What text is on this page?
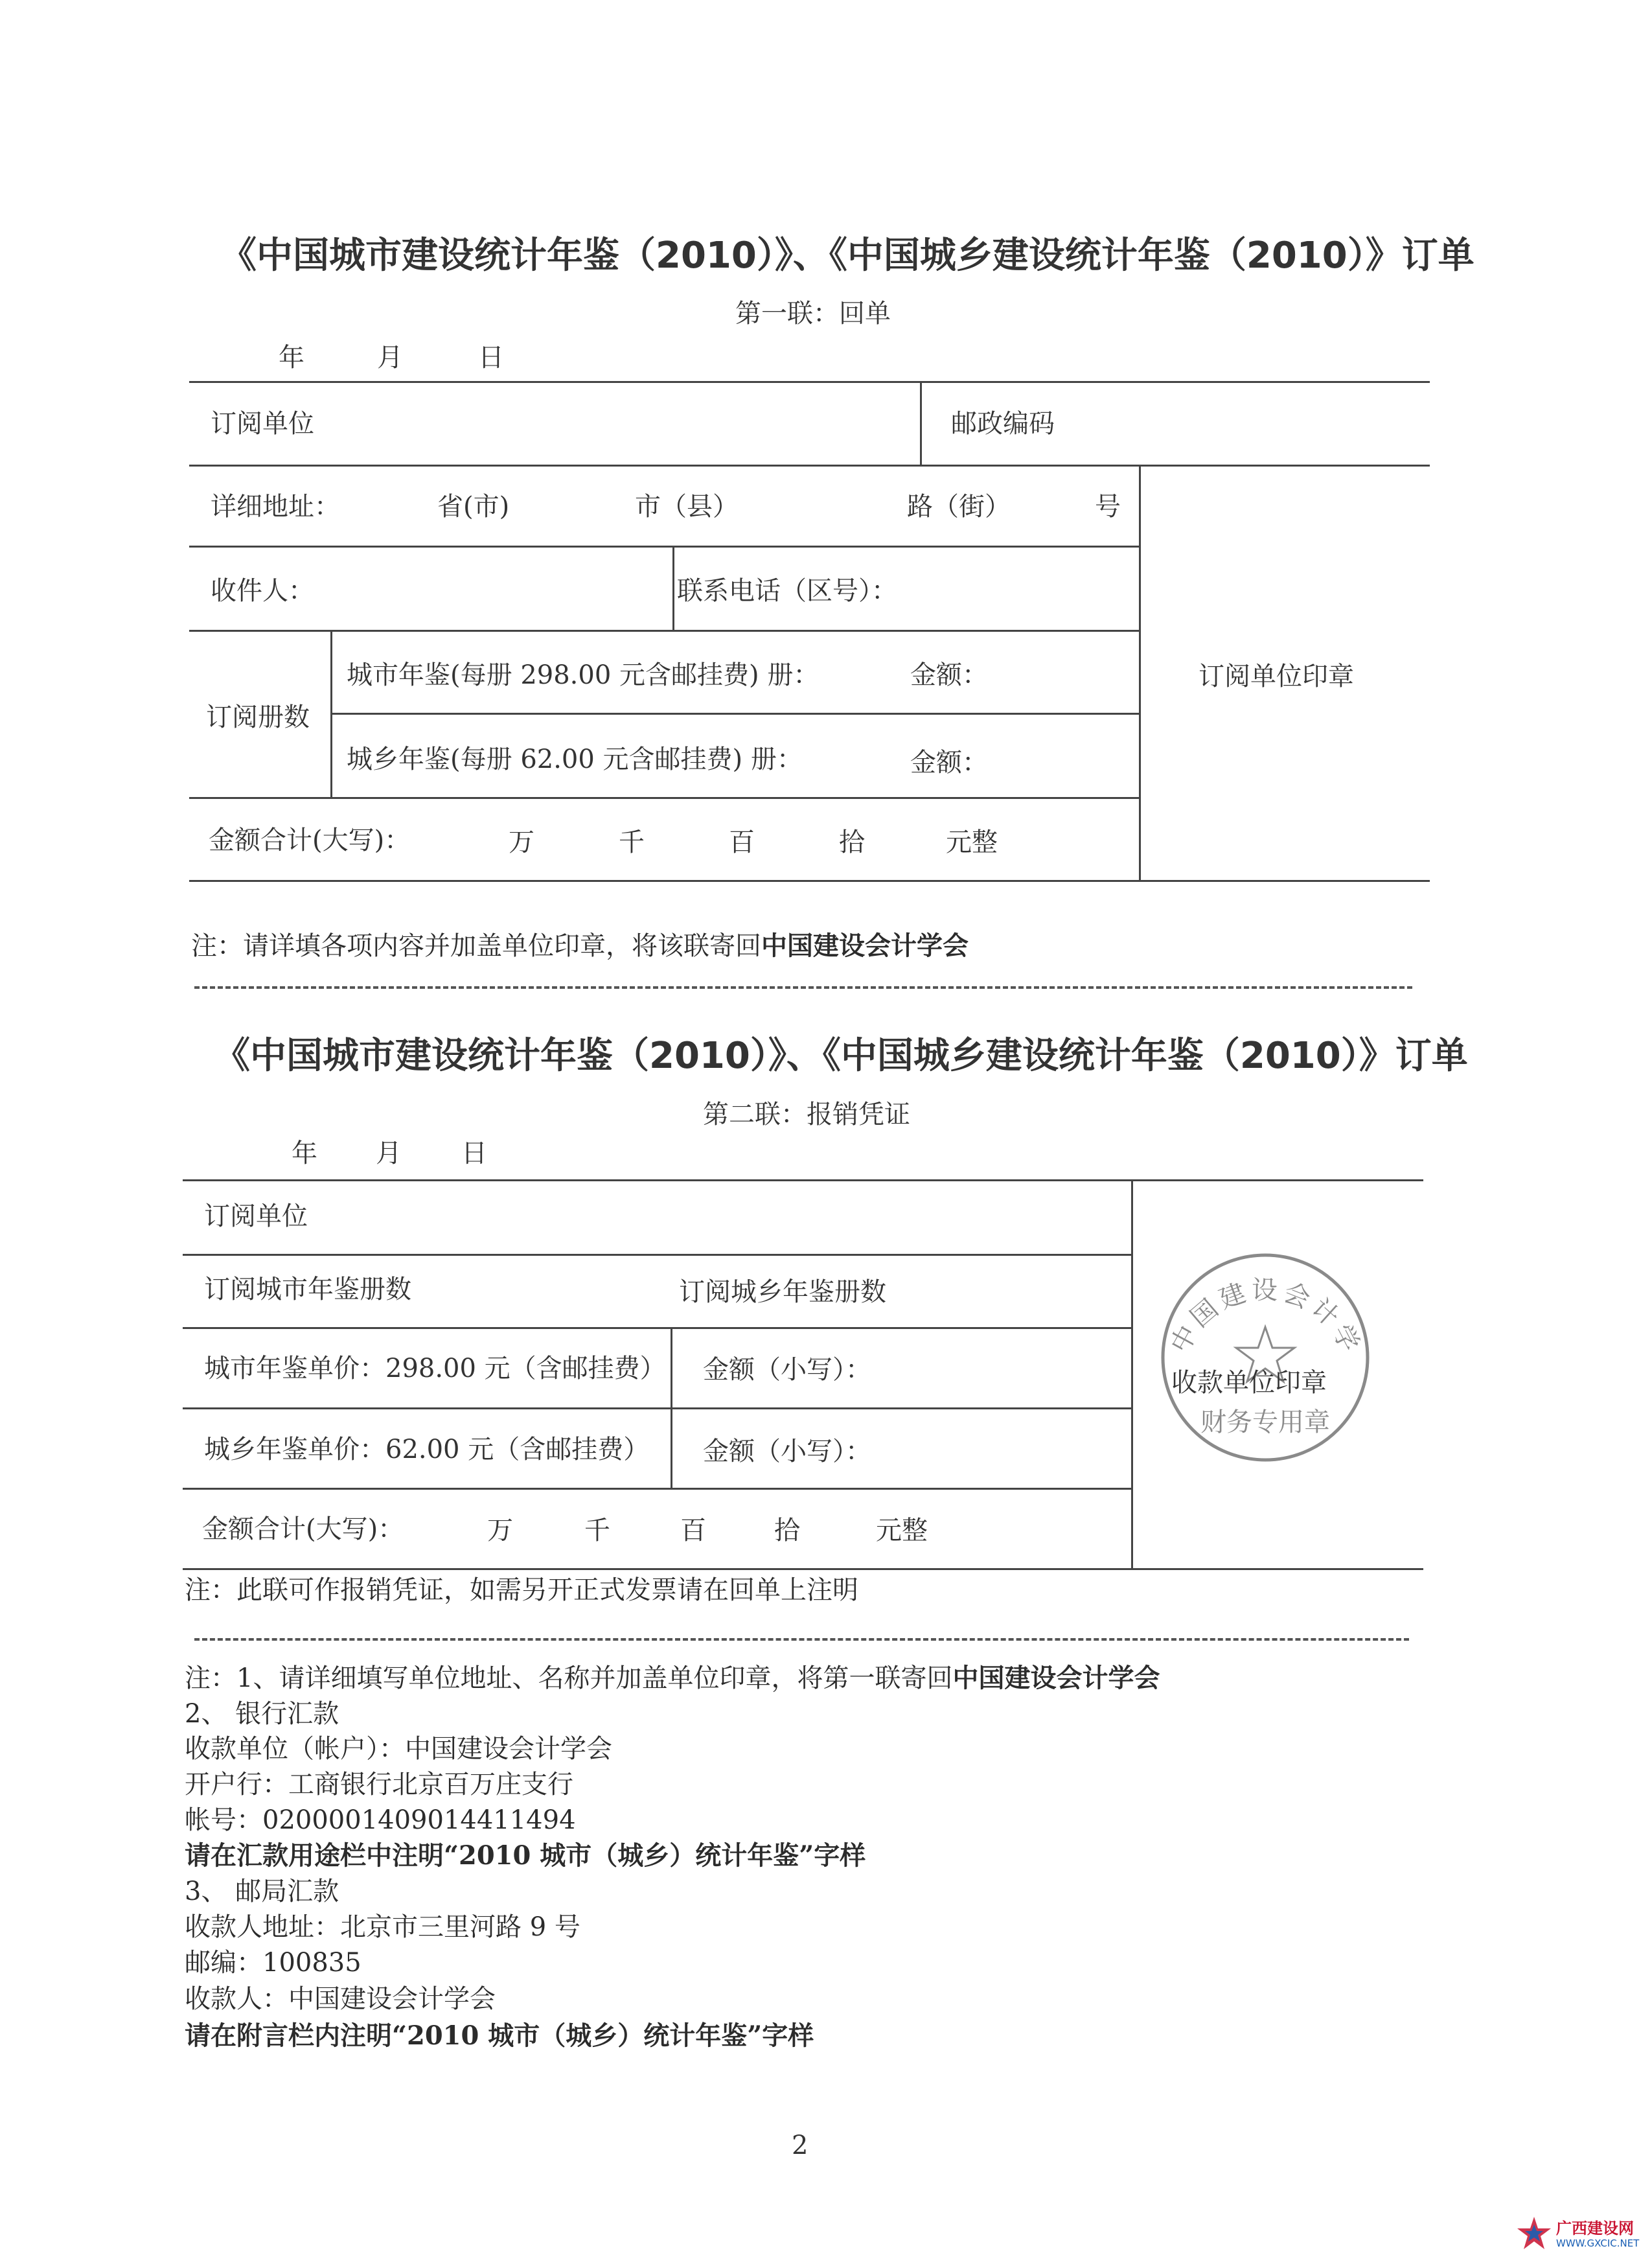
《中国城市建设统计年鉴（2010）》、《中国城乡建设统计年鉴（2010）》订单
第一联：回单
年	月	日
订阅单位	邮政编码
详细地址：	省(市)	市（县）	路（街）	号
收件人：	联系电话（区号）：
订阅单位印章
订阅册数
城市年鉴(每册 298.00 元含邮挂费) 册：	金额：
城乡年鉴(每册 62.00 元含邮挂费) 册：	金额：
金额合计(大写)：	万	千	百	拾	元整
注：请详填各项内容并加盖单位印章，将该联寄回中国建设会计学会
《中国城市建设统计年鉴（2010）》、《中国城乡建设统计年鉴（2010）》订单
第二联：报销凭证
年 月 日
订阅单位
订阅城市年鉴册数	订阅城乡年鉴册数
城市年鉴单价：298.00 元（含邮挂费） 金额（小写）：
城乡年鉴单价：62.00 元（含邮挂费） 金额（小写）：
金额合计(大写)：	万	千	百	拾	元整
中国建设会计学
财务专用章
收款单位印章
注：此联可作报销凭证，如需另开正式发票请在回单上注明
注：1、请详细填写单位地址、名称并加盖单位印章，将第一联寄回中国建设会计学会
2、 银行汇款
收款单位（帐户）：中国建设会计学会
开户行：工商银行北京百万庄支行
帐号：0200001409014411494
请在汇款用途栏中注明“2010 城市（城乡）统计年鉴”字样
3、 邮局汇款
收款人地址：北京市三里河路 9 号
邮编：100835
收款人：中国建设会计学会
请在附言栏内注明“2010 城市（城乡）统计年鉴”字样
2
广西建设网
WWW.GXCIC.NET
